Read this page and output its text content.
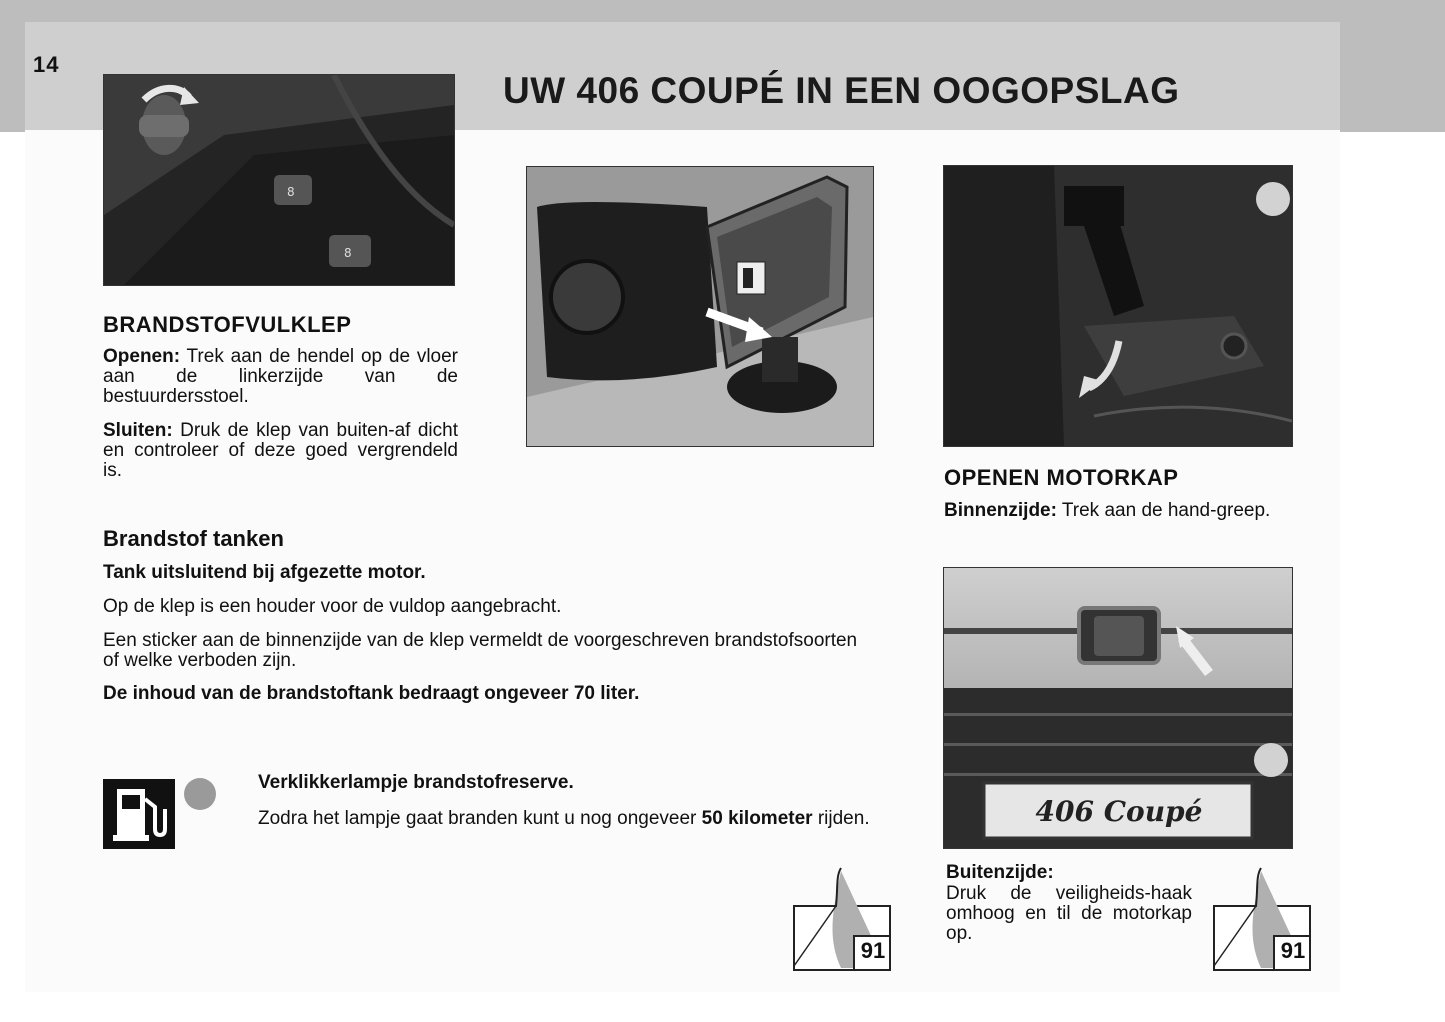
14
UW 406 COUPÉ IN EEN OOGOPSLAG
8
8
406 Coupé
BRANDSTOFVULKLEP

Openen: Trek aan de hendel op de vloer aan de linkerzijde van de bestuurdersstoel.

Sluiten: Druk de klep van buiten-af dicht en controleer of deze goed vergrendeld is.

Brandstof tanken

Tank uitsluitend bij afgezette motor.

Op de klep is een houder voor de vuldop aangebracht.

Een sticker aan de binnenzijde van de klep vermeldt de voorgeschreven brandstofsoorten of welke verboden zijn.

De inhoud van de brandstoftank bedraagt ongeveer 70 liter.

Verklikkerlampje brandstofreserve.

Zodra het lampje gaat branden kunt u nog ongeveer 50 kilometer rijden.

OPENEN MOTORKAP

Binnenzijde: Trek aan de hand-greep.

Buitenzijde:

Druk de veiligheids-haak omhoog en til de motorkap op.

91	91
